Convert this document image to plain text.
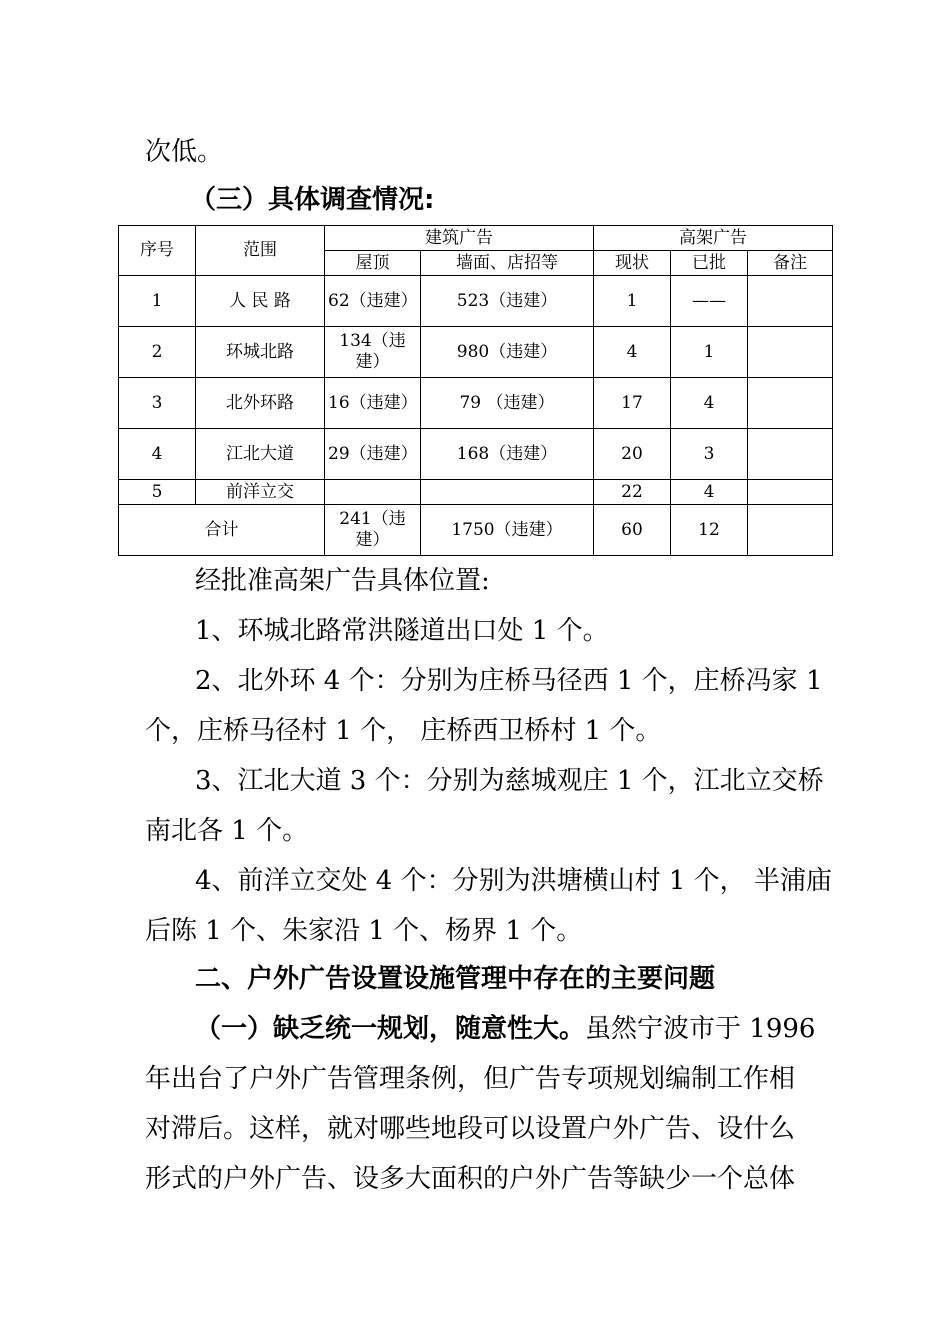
次低。
（三）具体调查情况:
序号	范围	建筑广告		高架广告		
		屋顶	墙面、店招等	现状	已批	备注
1	人 民 路	62（违建）	523（违建）	1	——	
2	环城北路	134（违建）	980（违建）	4	1	
3	北外环路	16（违建）	79 （违建）	17	4	
4	江北大道	29（违建）	168（违建）	20	3	
5	前洋立交			22	4	
合计		241（违建）	1750（违建）	60	12	
经批准高架广告具体位置:
1、环城北路常洪隧道出口处 1 个。
2、北外环 4 个：分别为庄桥马径西 1 个，庄桥冯家 1
个，庄桥马径村 1 个， 庄桥西卫桥村 1 个。
3、江北大道 3 个：分别为慈城观庄 1 个，江北立交桥
南北各 1 个。
4、前洋立交处 4 个：分别为洪塘横山村 1 个， 半浦庙
后陈 1 个、朱家沿 1 个、杨界 1 个。
二、户外广告设置设施管理中存在的主要问题
（一）缺乏统一规划，随意性大。虽然宁波市于 1996
年出台了户外广告管理条例，但广告专项规划编制工作相
对滞后。这样，就对哪些地段可以设置户外广告、设什么
形式的户外广告、设多大面积的户外广告等缺少一个总体
